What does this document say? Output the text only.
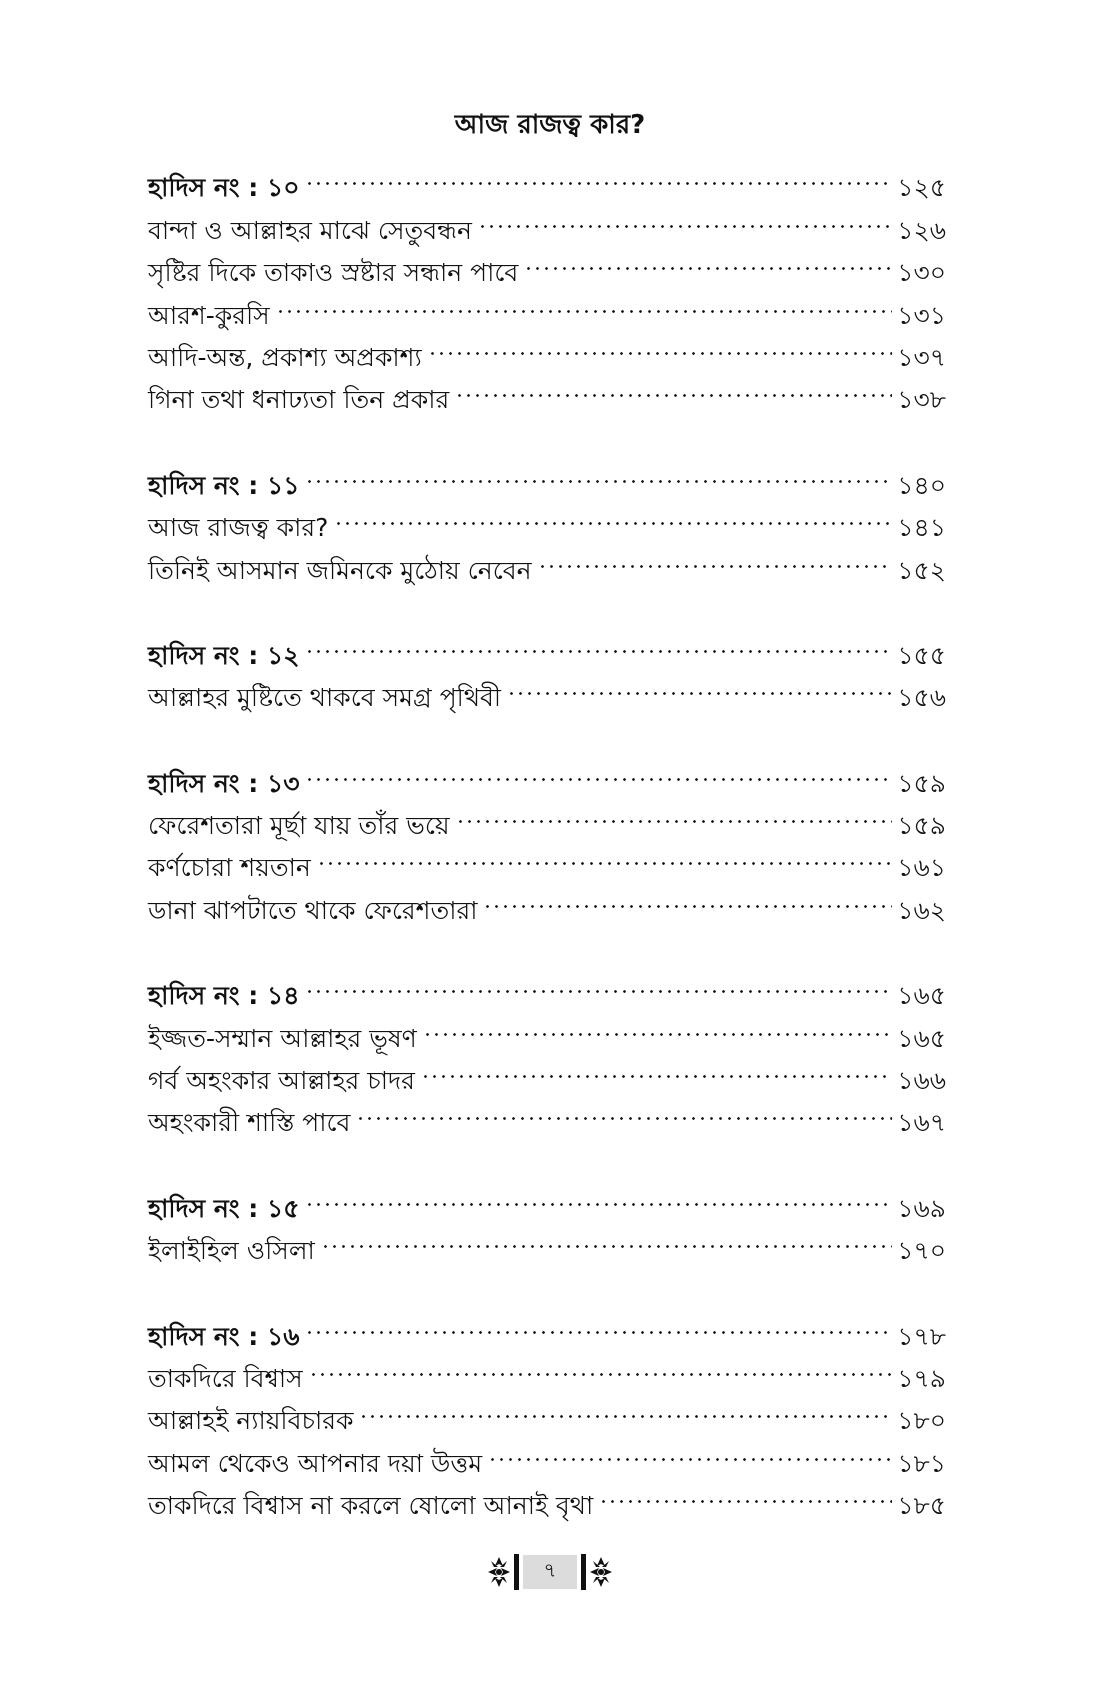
আজ রাজত্ব কার?
হাদিস নং : ১০	১২৫
বান্দা ও আল্লাহর মাঝে সেতুবন্ধন	১২৬
সৃষ্টির দিকে তাকাও স্রষ্টার সন্ধান পাবে	১৩০
আরশ-কুরসি	১৩১
আদি-অন্ত, প্রকাশ্য অপ্রকাশ্য	১৩৭
গিনা তথা ধনাঢ্যতা তিন প্রকার	১৩৮
হাদিস নং : ১১	১৪০
আজ রাজত্ব কার?	১৪১
তিনিই আসমান জমিনকে মুঠোয় নেবেন	১৫২
হাদিস নং : ১২	১৫৫
আল্লাহর মুষ্টিতে থাকবে সমগ্র পৃথিবী	১৫৬
হাদিস নং : ১৩	১৫৯
ফেরেশতারা মূর্ছা যায় তাঁর ভয়ে	১৫৯
কর্ণচোরা শয়তান	১৬১
ডানা ঝাপটাতে থাকে ফেরেশতারা	১৬২
হাদিস নং : ১৪	১৬৫
ইজ্জত-সম্মান আল্লাহর ভূষণ	১৬৫
গর্ব অহংকার আল্লাহর চাদর	১৬৬
অহংকারী শাস্তি পাবে	১৬৭
হাদিস নং : ১৫	১৬৯
ইলাইহিল ওসিলা	১৭০
হাদিস নং : ১৬	১৭৮
তাকদিরে বিশ্বাস	১৭৯
আল্লাহই ন্যায়বিচারক	১৮০
আমল থেকেও আপনার দয়া উত্তম	১৮১
তাকদিরে বিশ্বাস না করলে ষোলো আনাই বৃথা	১৮৫
৭
